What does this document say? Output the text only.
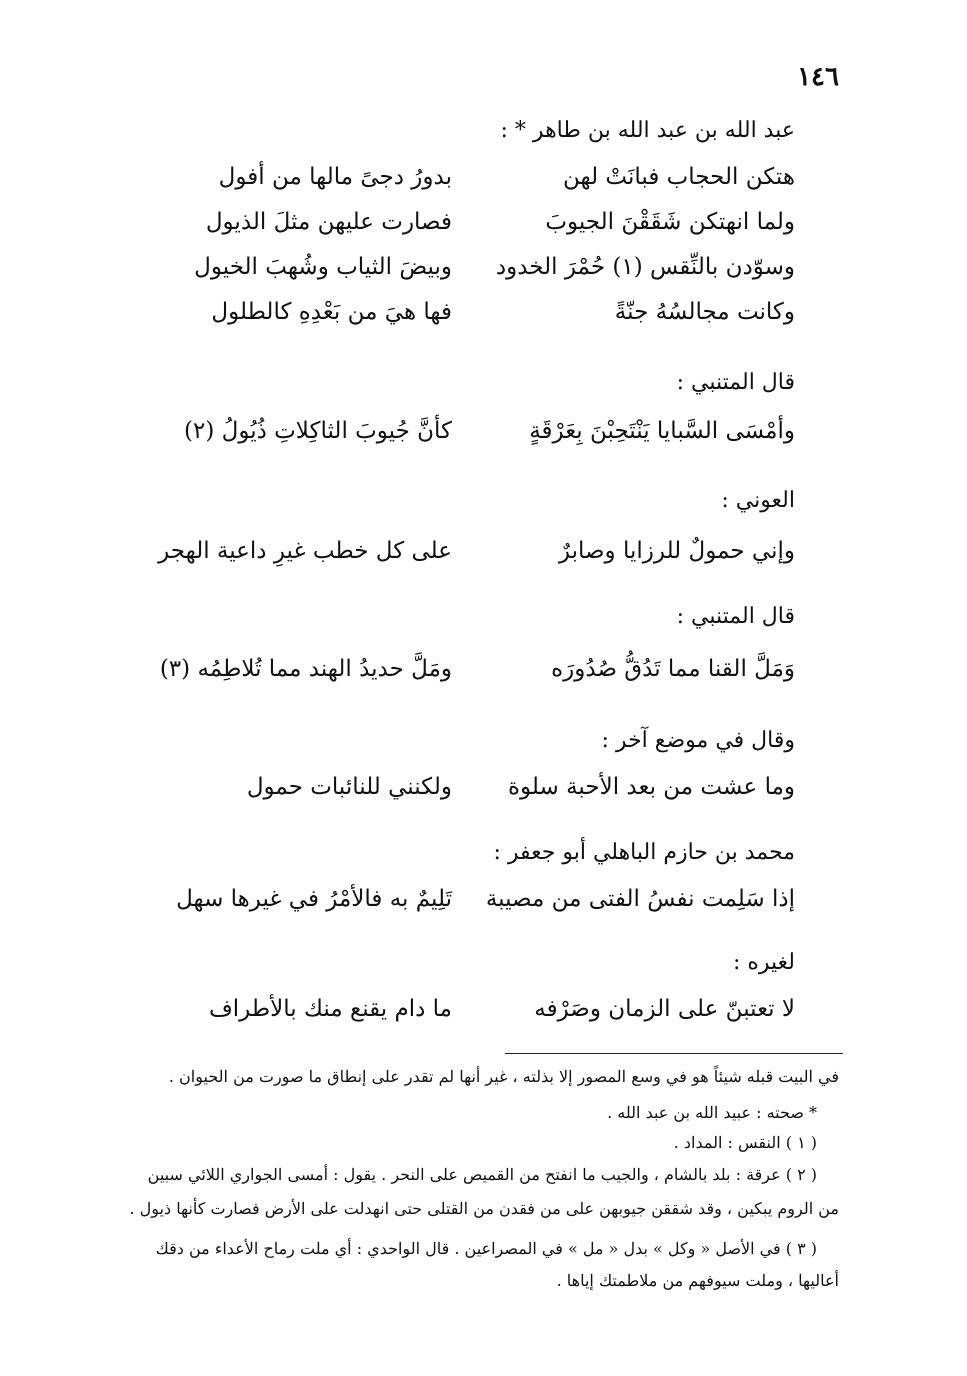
١٤٦
عبد الله بن عبد الله بن طاهر * :
هتكن الحجاب فبانَتْ لهن
بدورُ دجىً مالها من أفول
ولما انهتكن شَقَقْنَ الجيوبَ
فصارت عليهن مثلَ الذيول
وسوّدن بالنِّقس (١) حُمْرَ الخدود
وبيضَ الثياب وشُهبَ الخيول
وكانت مجالسُهُ جنّةً
فها هيَ من بَعْدِهِ كالطلول
قال المتنبي :
وأمْسَى السَّبايا يَنْتَحِبْنَ بِعَرْقَةٍ
كأنَّ جُيوبَ الثاكِلاتِ ذُيُولُ (٢)
العوني :
وإني حمولٌ للرزايا وصابرٌ
على كل خطب غيرِ داعية الهجر
قال المتنبي :
وَمَلَّ القنا مما تَدُقُّ صُدُورَه
ومَلَّ حديدُ الهند مما تُلاطِمُه (٣)
وقال في موضع آخر :
وما عشت من بعد الأحبة سلوة
ولكنني للنائبات حمول
محمد بن حازم الباهلي أبو جعفر :
إذا سَلِمت نفسُ الفتى من مصيبة
تَلِيمٌ به فالأمْرُ في غيرها سهل
لغيره :
لا تعتبنّ على الزمان وصَرْفه
ما دام يقنع منك بالأطراف
في البيت قبله شيئاً هو في وسع المصور إلا بذلته ، غير أنها لم تقدر على إنطاق ما صورت من الحيوان .
* صحته : عبيد الله بن عبد الله .
( ١ ) النقس : المداد .
( ٢ ) عرقة : بلد بالشام ، والجيب ما انفتح من القميص على النحر . يقول : أمسى الجواري اللائي سبين
من الروم يبكين ، وقد شققن جيوبهن على من فقدن من القتلى حتى انهدلت على الأرض فصارت كأنها ذيول .
( ٣ ) في الأصل « وكل » بدل « مل » في المصراعين . قال الواحدي : أي ملت رماح الأعداء من دقك
أعاليها ، وملت سيوفهم من ملاطمتك إياها .
